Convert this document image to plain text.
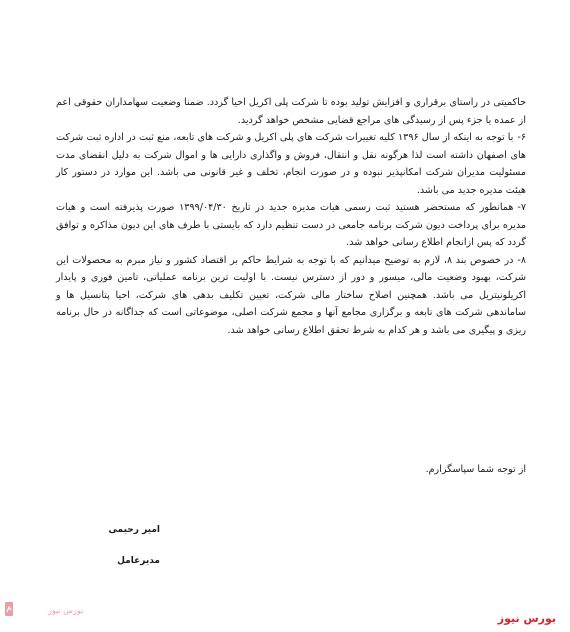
حاکمیتی در راستای برقراری و افزایش تولید بوده تا شرکت پلی اکریل احیا گردد. ضمنا وضعیت سهامداران حقوقی اعم از عمده یا جزء پس از رسیدگی های مراجع قضایی مشخص خواهد گردید.

۶-با توجه به اینکه از سال ۱۳۹۶ کلیه تغییرات شرکت های پلی اکریل و شرکت های تابعه، منع ثبت در اداره ثبت شرکت های اصفهان داشته است لذا هرگونه نقل و انتقال، فروش و واگذاری دارایی ها و اموال شرکت به دلیل انقضای مدت مسئولیت مدیران شرکت امکانپذیر نبوده و در صورت انجام، تخلف و غیر قانونی می باشد. این موارد در دستور کار هیئت مدیره جدید می باشد.

۷-همانطور که مستحضر هستید ثبت رسمی هیات مدیره جدید در تاریخ ۱۳۹۹/۰۴/۳۰ صورت پذیرفته است و هیات مدیره برای پرداخت دیون شرکت برنامه جامعی در دست تنظیم دارد که بایستی با طرف های این دیون مذاکره و توافق گردد که پس ازانجام اطلاع رسانی خواهد شد.

۸-در خصوص بند ۸، لازم به توضیح میدانیم که با توجه به شرایط حاکم بر اقتصاد کشور و نیاز مبرم به محصولات این شرکت، بهبود وضعیت مالی، میسور و دور از دسترس نیست. با اولیت ترین برنامه عملیاتی، تامین فوری و پایدار اکریلونیتریل می باشد. همچنین اصلاح ساختار مالی شرکت، تعیین تکلیف بدهی های شرکت، احیا پتانسیل ها و ساماندهی شرکت های تابعه و برگزاری مجامع آنها و مجمع شرکت اصلی، موضوعاتی است که جداگانه در حال برنامه ریزی و پیگیری می باشد و هر کدام به شرط تحقق اطلاع رسانی خواهد شد.

از توجه شما سپاسگزارم.
امیر رحیمی
مدیرعامل
بورس نیوز
بورس نیوز
